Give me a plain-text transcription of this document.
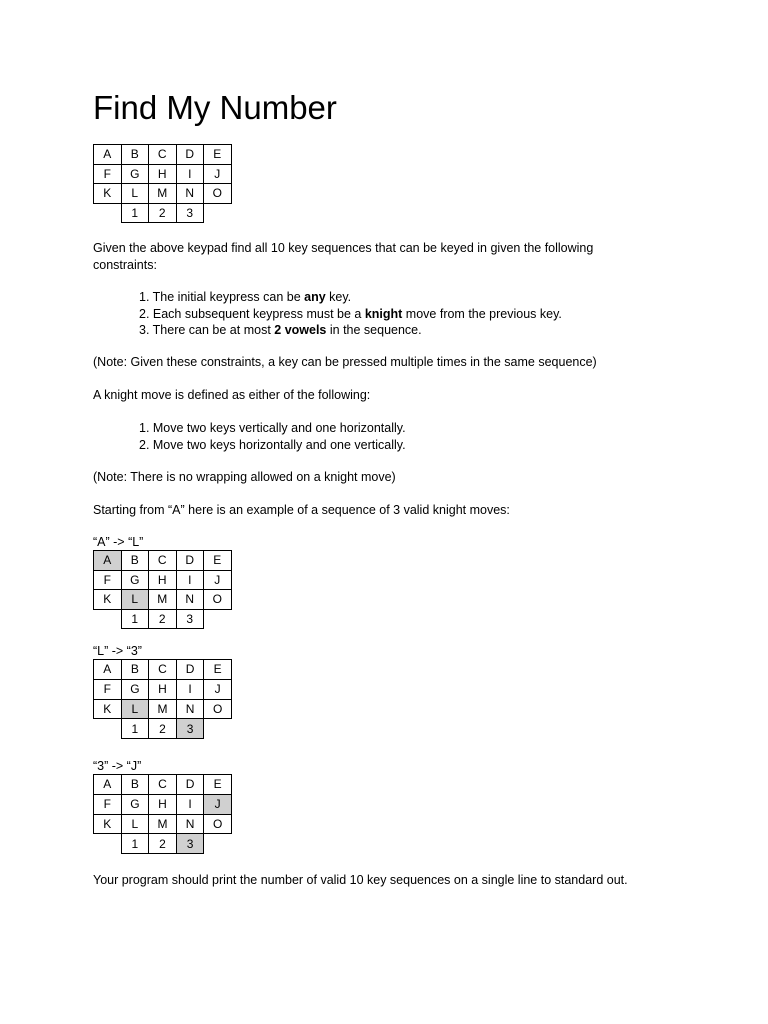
Find My Number
A	B	C	D	E
F	G	H	I	J
K	L	M	N	O
	1	2	3	
Given the above keypad find all 10 key sequences that can be keyed in given the following constraints:
1. The initial keypress can be any key.
2. Each subsequent keypress must be a knight move from the previous key.
3. There can be at most 2 vowels in the sequence.
(Note: Given these constraints, a key can be pressed multiple times in the same sequence)
A knight move is defined as either of the following:
1. Move two keys vertically and one horizontally.
2. Move two keys horizontally and one vertically.
(Note: There is no wrapping allowed on a knight move)
Starting from “A” here is an example of a sequence of 3 valid knight moves:
“A” -> “L”
A	B	C	D	E
F	G	H	I	J
K	L	M	N	O
	1	2	3	
“L” -> “3”
A	B	C	D	E
F	G	H	I	J
K	L	M	N	O
	1	2	3	
“3” -> “J”
A	B	C	D	E
F	G	H	I	J
K	L	M	N	O
	1	2	3	
Your program should print the number of valid 10 key sequences on a single line to standard out.
